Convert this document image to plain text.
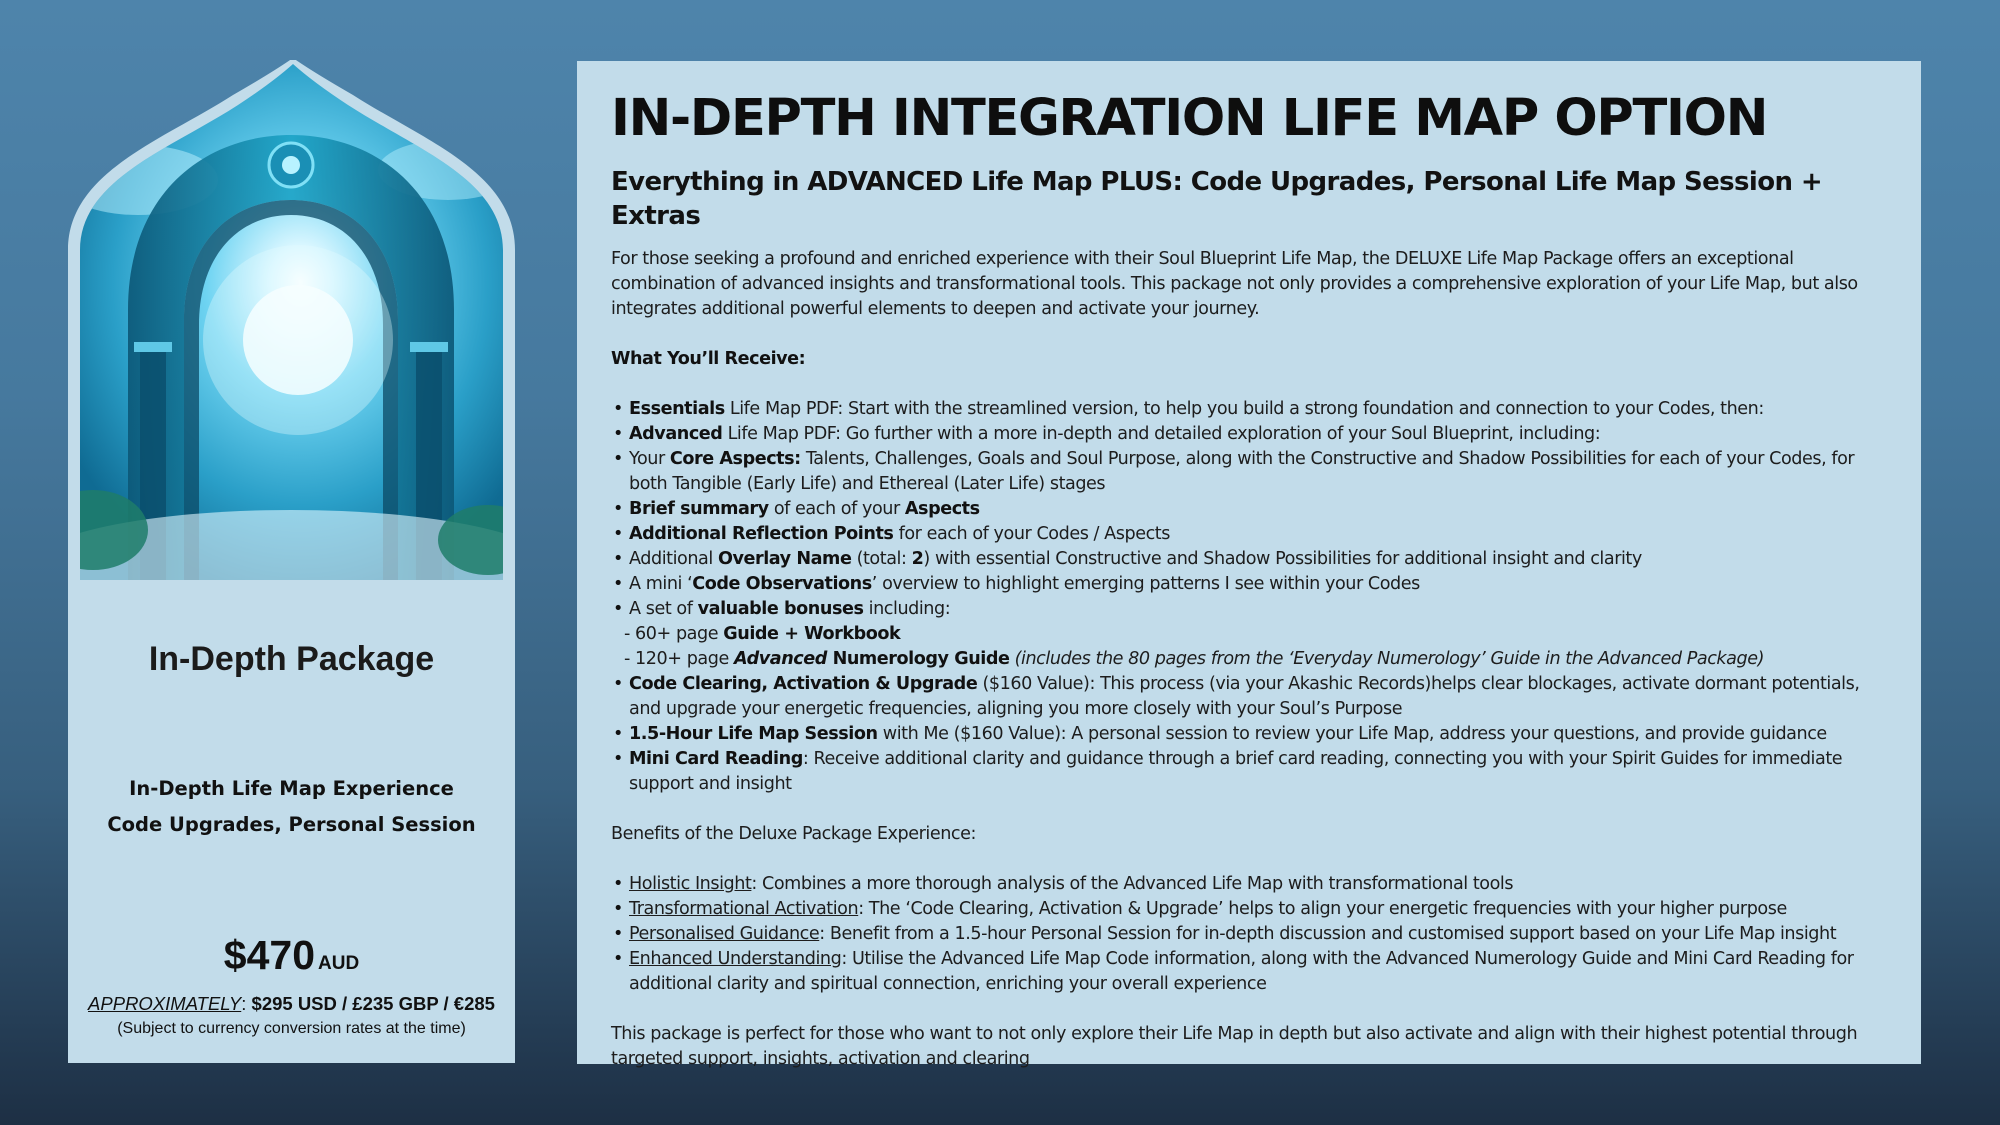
In-Depth Package
In-Depth Life Map Experience
Code Upgrades, Personal Session
$470 AUD
APPROXIMATELY: $295 USD / £235 GBP / €285
(Subject to currency conversion rates at the time)
IN-DEPTH INTEGRATION LIFE MAP OPTION
Everything in ADVANCED Life Map PLUS: Code Upgrades, Personal Life Map Session + Extras

For those seeking a profound and enriched experience with their Soul Blueprint Life Map, the DELUXE Life Map Package offers an exceptional combination of advanced insights and transformational tools. This package not only provides a comprehensive exploration of your Life Map, but also integrates additional powerful elements to deepen and activate your journey.

What You’ll Receive:

• Essentials Life Map PDF: Start with the streamlined version, to help you build a strong foundation and connection to your Codes, then:
• Advanced Life Map PDF: Go further with a more in-depth and detailed exploration of your Soul Blueprint, including:
• Your Core Aspects: Talents, Challenges, Goals and Soul Purpose, along with the Constructive and Shadow Possibilities for each of your Codes, for both Tangible (Early Life) and Ethereal (Later Life) stages
• Brief summary of each of your Aspects
• Additional Reflection Points for each of your Codes / Aspects
• Additional Overlay Name (total: 2) with essential Constructive and Shadow Possibilities for additional insight and clarity
• A mini ‘Code Observations’ overview to highlight emerging patterns I see within your Codes
• A set of valuable bonuses including:
- 60+ page Guide + Workbook
- 120+ page Advanced Numerology Guide (includes the 80 pages from the ‘Everyday Numerology’ Guide in the Advanced Package)
• Code Clearing, Activation & Upgrade ($160 Value): This process (via your Akashic Records)helps clear blockages, activate dormant potentials, and upgrade your energetic frequencies, aligning you more closely with your Soul’s Purpose
• 1.5-Hour Life Map Session with Me ($160 Value): A personal session to review your Life Map, address your questions, and provide guidance
• Mini Card Reading: Receive additional clarity and guidance through a brief card reading, connecting you with your Spirit Guides for immediate support and insight

Benefits of the Deluxe Package Experience:

• Holistic Insight: Combines a more thorough analysis of the Advanced Life Map with transformational tools
• Transformational Activation: The ‘Code Clearing, Activation & Upgrade’ helps to align your energetic frequencies with your higher purpose
• Personalised Guidance: Benefit from a 1.5-hour Personal Session for in-depth discussion and customised support based on your Life Map insight
• Enhanced Understanding: Utilise the Advanced Life Map Code information, along with the Advanced Numerology Guide and Mini Card Reading for additional clarity and spiritual connection, enriching your overall experience

This package is perfect for those who want to not only explore their Life Map in depth but also activate and align with their highest potential through targeted support, insights, activation and clearing
